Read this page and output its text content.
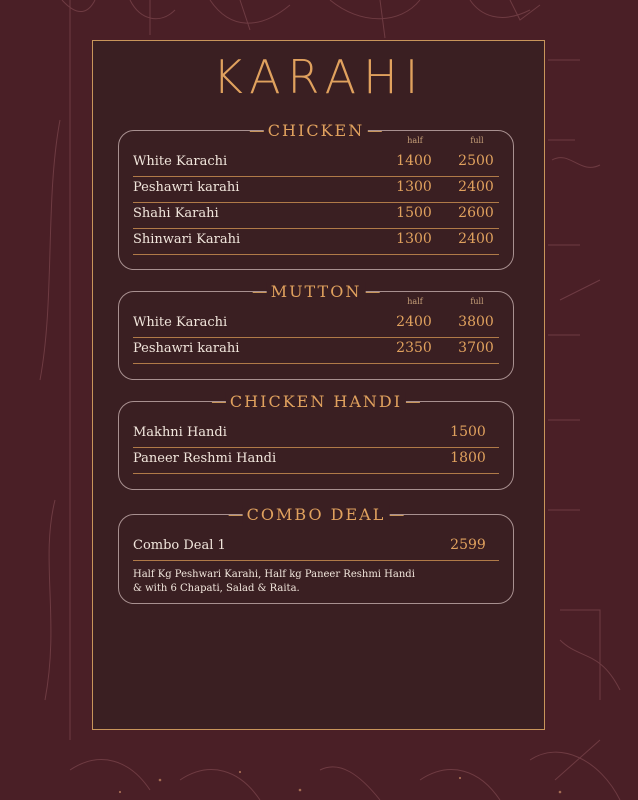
KARAHI
CHICKEN
half	full
White Karachi	1400	2500
Peshawri karahi	1300	2400
Shahi Karahi	1500	2600
Shinwari Karahi	1300	2400
MUTTON
half	full
White Karachi	2400	3800
Peshawri karahi	2350	3700
CHICKEN HANDI
Makhni Handi	1500
Paneer Reshmi Handi	1800
COMBO DEAL
Combo Deal 1	2599
Half Kg Peshwari Karahi, Half kg Paneer Reshmi Handi
& with 6 Chapati, Salad & Raita.
